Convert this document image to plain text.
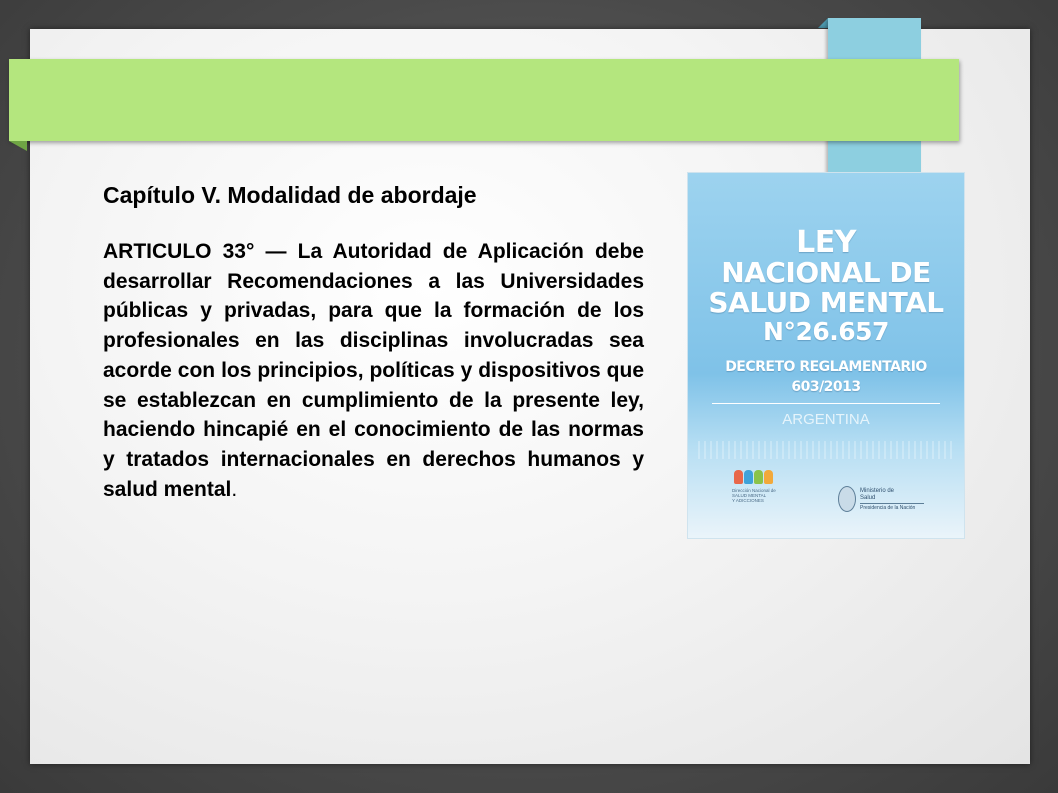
Capítulo V. Modalidad de abordaje

ARTICULO 33° — La Autoridad de Aplicación debe desarrollar Recomendaciones a las Universidades públicas y privadas, para que la formación de los profesionales en las disciplinas involucradas sea acorde con los principios, políticas y dispositivos que se establezcan en cumplimiento de la presente ley, haciendo hincapié en el conocimiento de las normas y tratados internacionales en derechos humanos y salud mental.

LEY
NACIONAL DE
SALUD MENTAL
N°26.657
DECRETO REGLAMENTARIO
603/2013
ARGENTINA
Dirección Nacional de
SALUD MENTAL
Y ADICCIONES
Ministerio de
Salud
Presidencia de la Nación
